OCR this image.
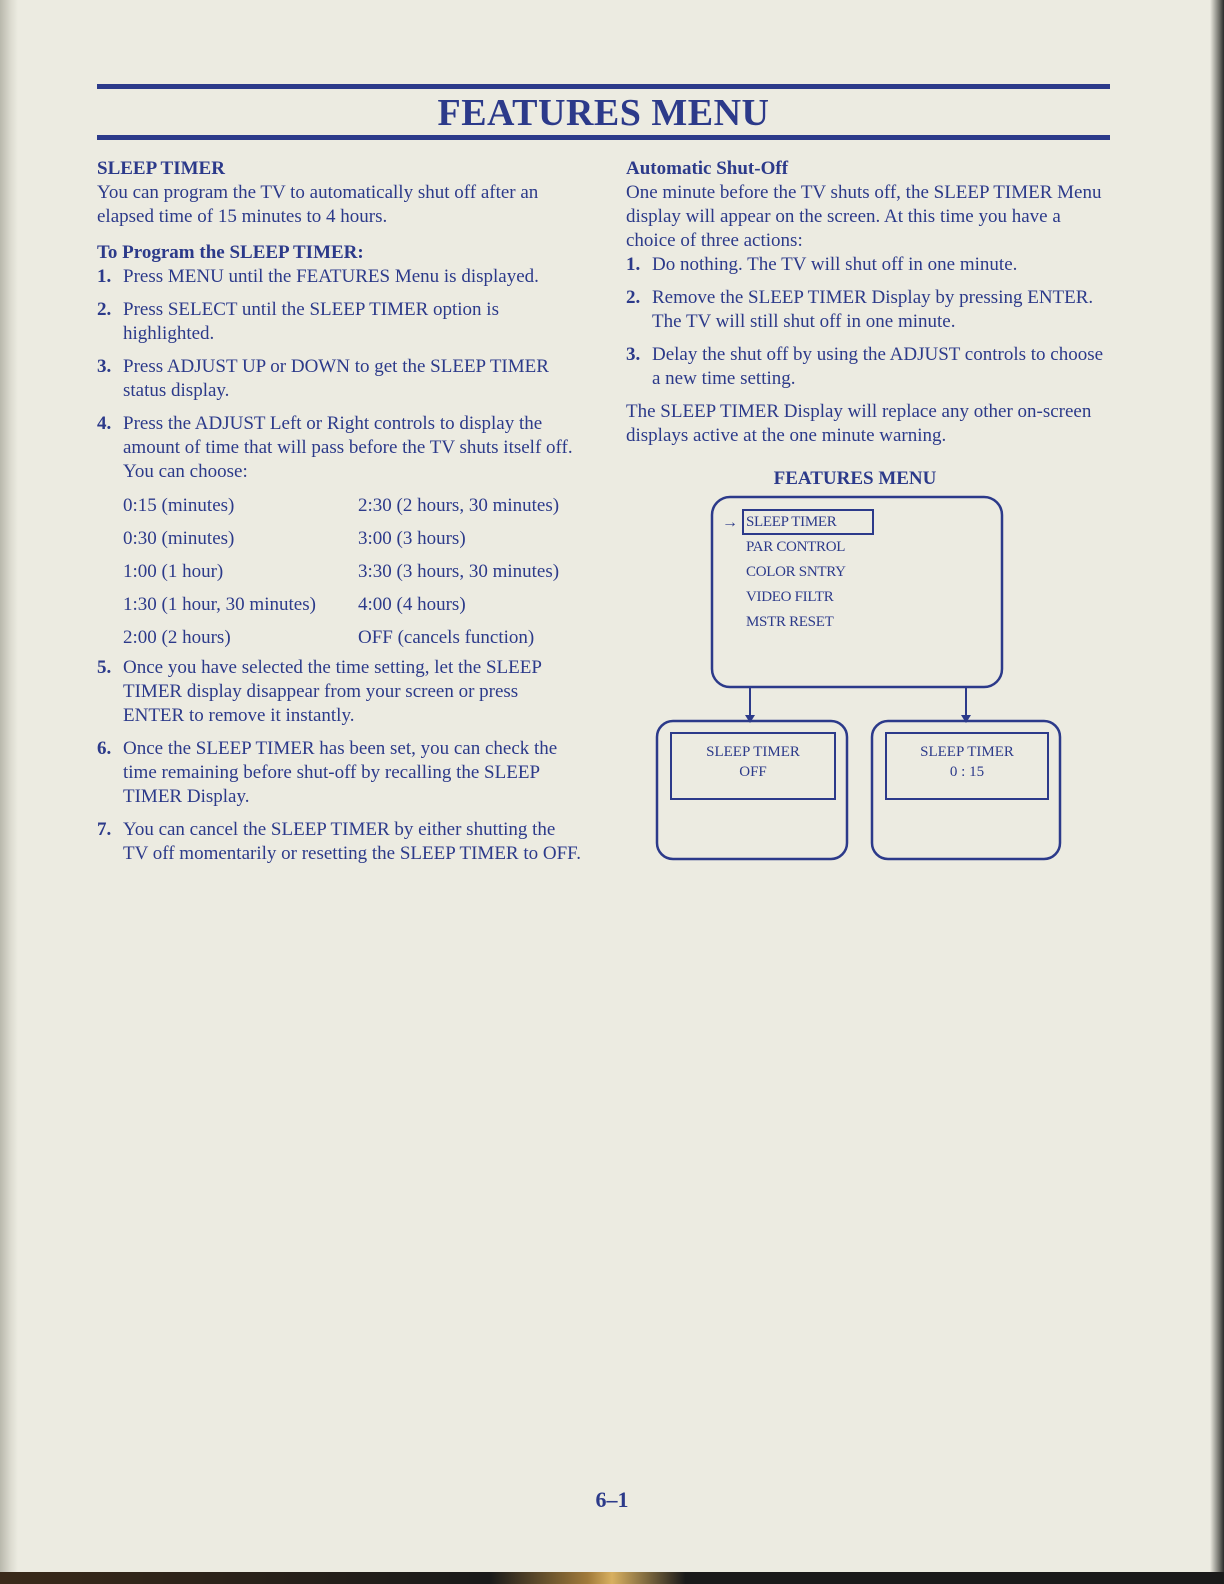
FEATURES MENU

SLEEP TIMER

You can program the TV to automatically shut off after an elapsed time of 15 minutes to 4 hours.

To Program the SLEEP TIMER:

1. Press MENU until the FEATURES Menu is displayed.
2. Press SELECT until the SLEEP TIMER option is highlighted.
3. Press ADJUST UP or DOWN to get the SLEEP TIMER status display.
4. Press the ADJUST Left or Right controls to display the amount of time that will pass before the TV shuts itself off. You can choose:
0:15 (minutes)	2:30 (2 hours, 30 minutes)
0:30 (minutes)	3:00 (3 hours)
1:00 (1 hour)	3:30 (3 hours, 30 minutes)
1:30 (1 hour, 30 minutes)	4:00 (4 hours)
2:00 (2 hours)	OFF (cancels function)
5. Once you have selected the time setting, let the SLEEP TIMER display disappear from your screen or press ENTER to remove it instantly.
6. Once the SLEEP TIMER has been set, you can check the time remaining before shut-off by recalling the SLEEP TIMER Display.
7. You can cancel the SLEEP TIMER by either shutting the TV off momentarily or resetting the SLEEP TIMER to OFF.

Automatic Shut-Off

One minute before the TV shuts off, the SLEEP TIMER Menu display will appear on the screen. At this time you have a choice of three actions:

1. Do nothing. The TV will shut off in one minute.
2. Remove the SLEEP TIMER Display by pressing ENTER. The TV will still shut off in one minute.
3. Delay the shut off by using the ADJUST controls to choose a new time setting.

The SLEEP TIMER Display will replace any other on-screen displays active at the one minute warning.

FEATURES MENU
→ SLEEP TIMER
PAR CONTROL
COLOR SNTRY
VIDEO FILTR
MSTR RESET
SLEEP TIMER
OFF
SLEEP TIMER
0 : 15
6–1
